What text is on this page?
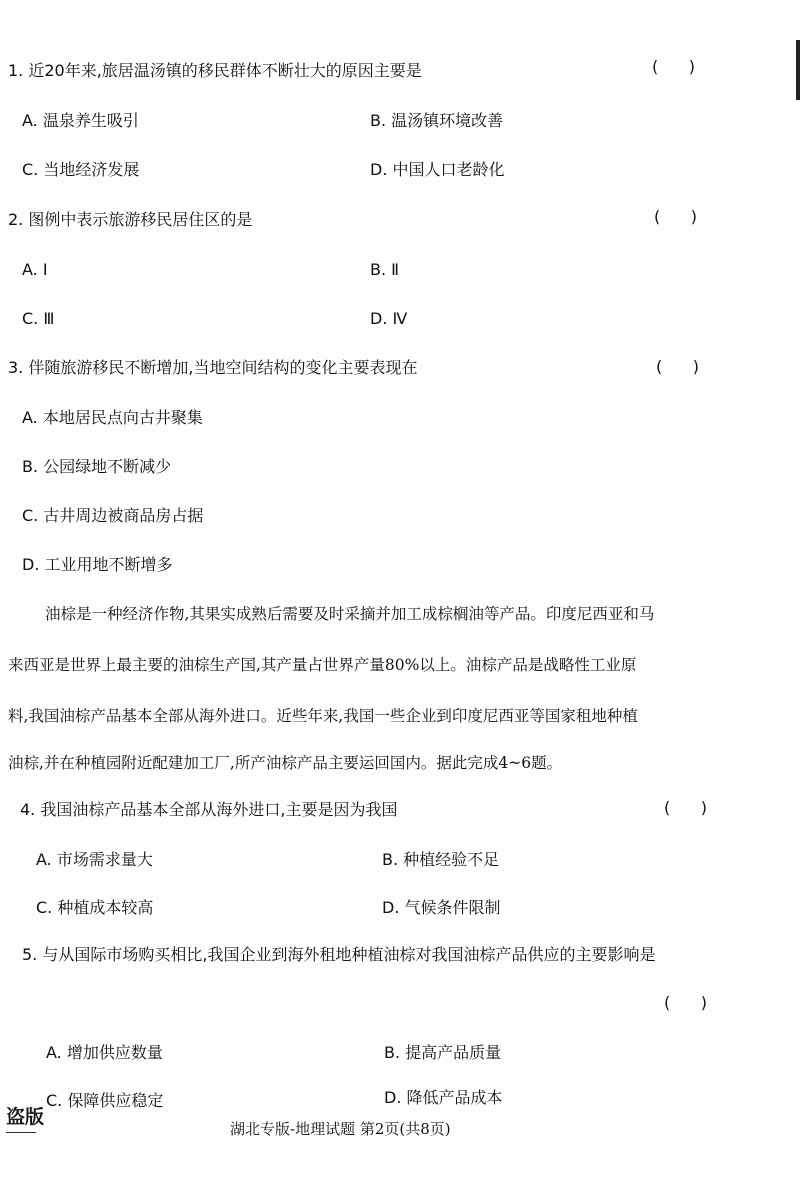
1. 近20年来,旅居温汤镇的移民群体不断壮大的原因主要是	(      )
A. 温泉养生吸引	B. 温汤镇环境改善
C. 当地经济发展	D. 中国人口老龄化
2. 图例中表示旅游移民居住区的是	(      )
A. Ⅰ	B. Ⅱ
C. Ⅲ	D. Ⅳ
3. 伴随旅游移民不断增加,当地空间结构的变化主要表现在	(      )
A. 本地居民点向古井聚集
B. 公园绿地不断减少
C. 古井周边被商品房占据
D. 工业用地不断增多
油棕是一种经济作物,其果实成熟后需要及时采摘并加工成棕榈油等产品。印度尼西亚和马
来西亚是世界上最主要的油棕生产国,其产量占世界产量80%以上。油棕产品是战略性工业原
料,我国油棕产品基本全部从海外进口。近些年来,我国一些企业到印度尼西亚等国家租地种植
油棕,并在种植园附近配建加工厂,所产油棕产品主要运回国内。据此完成4~6题。
4. 我国油棕产品基本全部从海外进口,主要是因为我国	(      )
A. 市场需求量大	B. 种植经验不足
C. 种植成本较高	D. 气候条件限制
5. 与从国际市场购买相比,我国企业到海外租地种植油棕对我国油棕产品供应的主要影响是
(      )
A. 增加供应数量	B. 提高产品质量
C. 保障供应稳定	D. 降低产品成本
盗版
湖北专版-地理试题 第2页(共8页)
